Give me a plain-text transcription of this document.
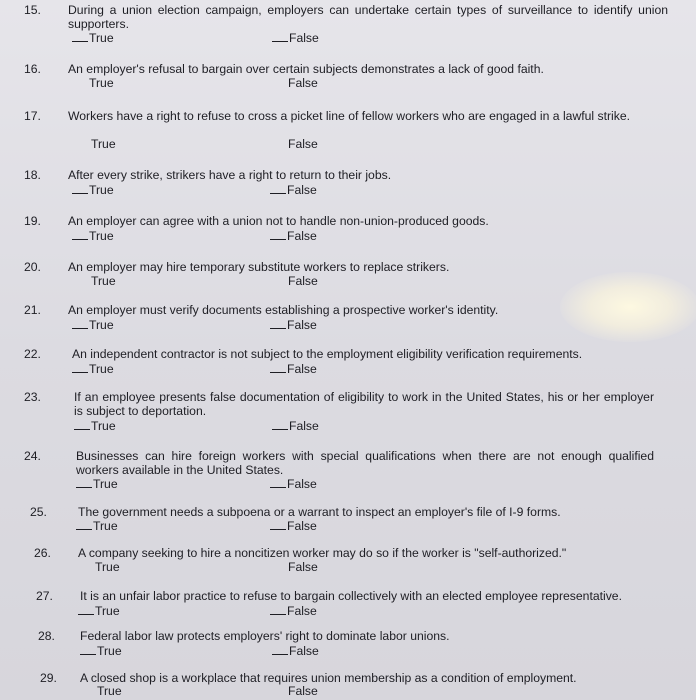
15.	During a union election campaign, employers can undertake certain types of surveillance to identify union supporters.
True	False
16.	An employer's refusal to bargain over certain subjects demonstrates a lack of good faith.
True	False
17.	Workers have a right to refuse to cross a picket line of fellow workers who are engaged in a lawful strike.
True	False
18.	After every strike, strikers have a right to return to their jobs.
True	False
19.	An employer can agree with a union not to handle non-union-produced goods.
True	False
20.	An employer may hire temporary substitute workers to replace strikers.
True	False
21.	An employer must verify documents establishing a prospective worker's identity.
True	False
22.	An independent contractor is not subject to the employment eligibility verification requirements.
True	False
23.	If an employee presents false documentation of eligibility to work in the United States, his or her employer is subject to deportation.
True	False
24.	Businesses can hire foreign workers with special qualifications when there are not enough qualified workers available in the United States.
True	False
25.	The government needs a subpoena or a warrant to inspect an employer's file of I-9 forms.
True	False
26.	A company seeking to hire a noncitizen worker may do so if the worker is "self-authorized."
True	False
27.	It is an unfair labor practice to refuse to bargain collectively with an elected employee representative.
True	False
28.	Federal labor law protects employers' right to dominate labor unions.
True	False
29.	A closed shop is a workplace that requires union membership as a condition of employment.
True	False
